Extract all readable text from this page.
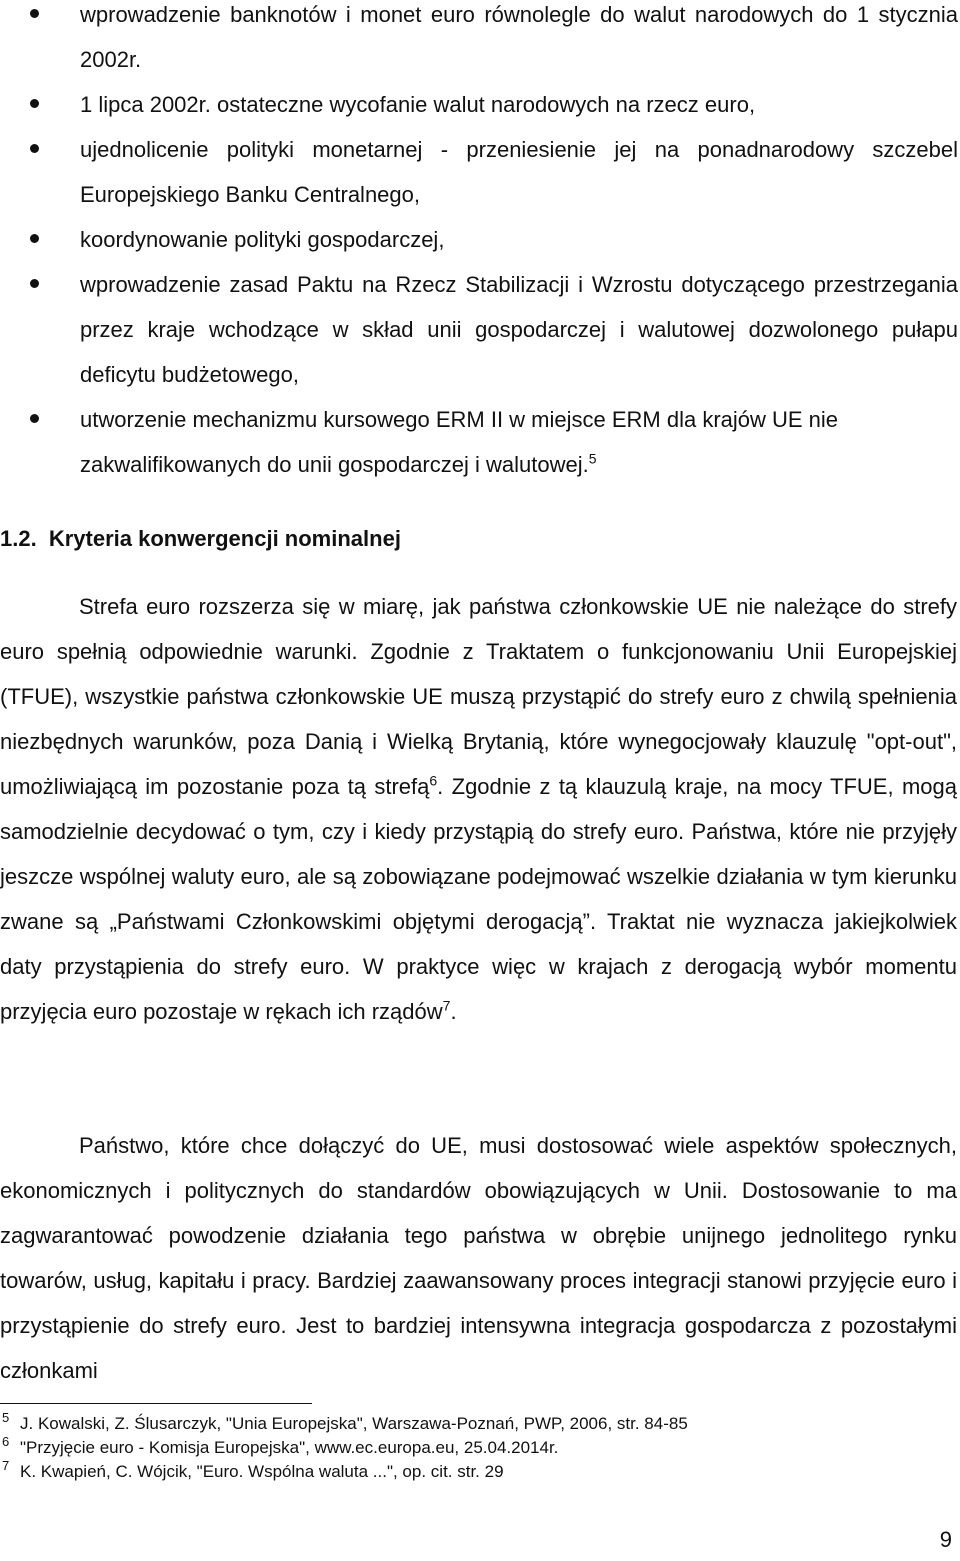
wprowadzenie banknotów i monet euro równolegle do walut narodowych do 1 stycznia 2002r.
1 lipca 2002r. ostateczne wycofanie walut narodowych na rzecz euro,
ujednolicenie polityki monetarnej - przeniesienie jej na ponadnarodowy szczebel Europejskiego Banku Centralnego,
koordynowanie polityki gospodarczej,
wprowadzenie zasad Paktu na Rzecz Stabilizacji i Wzrostu dotyczącego przestrzegania przez kraje wchodzące w skład unii gospodarczej i walutowej dozwolonego pułapu deficytu budżetowego,
utworzenie mechanizmu kursowego ERM II w miejsce ERM dla krajów UE nie zakwalifikowanych do unii gospodarczej i walutowej.$^5$
1.2. Kryteria konwergencji nominalnej

Strefa euro rozszerza się w miarę, jak państwa członkowskie UE nie należące do strefy euro spełnią odpowiednie warunki. Zgodnie z Traktatem o funkcjonowaniu Unii Europejskiej (TFUE), wszystkie państwa członkowskie UE muszą przystąpić do strefy euro z chwilą spełnienia niezbędnych warunków, poza Danią i Wielką Brytanią, które wynegocjowały klauzulę "opt-out", umożliwiającą im pozostanie poza tą strefą$^6$. Zgodnie z tą klauzulą kraje, na mocy TFUE, mogą samodzielnie decydować o tym, czy i kiedy przystąpią do strefy euro. Państwa, które nie przyjęły jeszcze wspólnej waluty euro, ale są zobowiązane podejmować wszelkie działania w tym kierunku zwane są „Państwami Członkowskimi objętymi derogacją”. Traktat nie wyznacza jakiejkolwiek daty przystąpienia do strefy euro. W praktyce więc w krajach z derogacją wybór momentu przyjęcia euro pozostaje w rękach ich rządów$^7$.

Państwo, które chce dołączyć do UE, musi dostosować wiele aspektów społecznych, ekonomicznych i politycznych do standardów obowiązujących w Unii. Dostosowanie to ma zagwarantować powodzenie działania tego państwa w obrębie unijnego jednolitego rynku towarów, usług, kapitału i pracy. Bardziej zaawansowany proces integracji stanowi przyjęcie euro i przystąpienie do strefy euro. Jest to bardziej intensywna integracja gospodarcza z pozostałymi członkami

5 J. Kowalski, Z. Ślusarczyk, "Unia Europejska", Warszawa-Poznań, PWP, 2006, str. 84-85
6 "Przyjęcie euro - Komisja Europejska", www.ec.europa.eu, 25.04.2014r.
7 K. Kwapień, C. Wójcik, "Euro. Wspólna waluta ...", op. cit. str. 29
9
